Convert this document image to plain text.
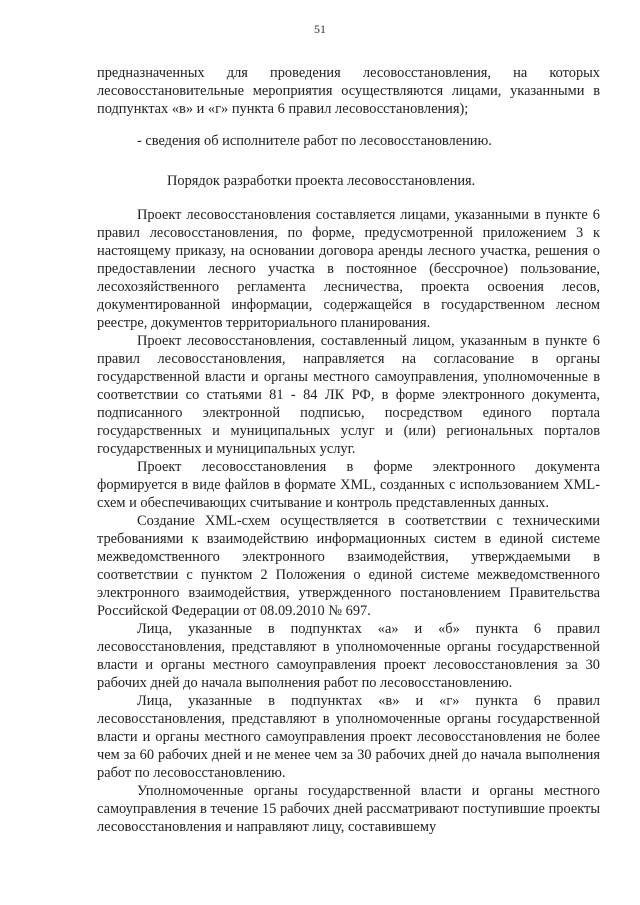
51

предназначенных для проведения лесовосстановления, на которых лесовосстановительные мероприятия осуществляются лицами, указанными в подпунктах «в» и «г» пункта 6 правил лесовосстановления);

- сведения об исполнителе работ по лесовосстановлению.

Порядок разработки проекта лесовосстановления.

Проект лесовосстановления составляется лицами, указанными в пункте 6 правил лесовосстановления, по форме, предусмотренной приложением 3 к настоящему приказу, на основании договора аренды лесного участка, решения о предоставлении лесного участка в постоянное (бессрочное) пользование, лесохозяйственного регламента лесничества, проекта освоения лесов, документированной информации, содержащейся в государственном лесном реестре, документов территориального планирования.

Проект лесовосстановления, составленный лицом, указанным в пункте 6 правил лесовосстановления, направляется на согласование в органы государственной власти и органы местного самоуправления, уполномоченные в соответствии со статьями 81 - 84 ЛК РФ, в форме электронного документа, подписанного электронной подписью, посредством единого портала государственных и муниципальных услуг и (или) региональных порталов государственных и муниципальных услуг.

Проект лесовосстановления в форме электронного документа формируется в виде файлов в формате XML, созданных с использованием XML-схем и обеспечивающих считывание и контроль представленных данных.

Создание XML-схем осуществляется в соответствии с техническими требованиями к взаимодействию информационных систем в единой системе межведомственного электронного взаимодействия, утверждаемыми в соответствии с пунктом 2 Положения о единой системе межведомственного электронного взаимодействия, утвержденного постановлением Правительства Российской Федерации от 08.09.2010 № 697.

Лица, указанные в подпунктах «а» и «б» пункта 6 правил лесовосстановления, представляют в уполномоченные органы государственной власти и органы местного самоуправления проект лесовосстановления за 30 рабочих дней до начала выполнения работ по лесовосстановлению.

Лица, указанные в подпунктах «в» и «г» пункта 6 правил лесовосстановления, представляют в уполномоченные органы государственной власти и органы местного самоуправления проект лесовосстановления не более чем за 60 рабочих дней и не менее чем за 30 рабочих дней до начала выполнения работ по лесовосстановлению.

Уполномоченные органы государственной власти и органы местного самоуправления в течение 15 рабочих дней рассматривают поступившие проекты лесовосстановления и направляют лицу, составившему
